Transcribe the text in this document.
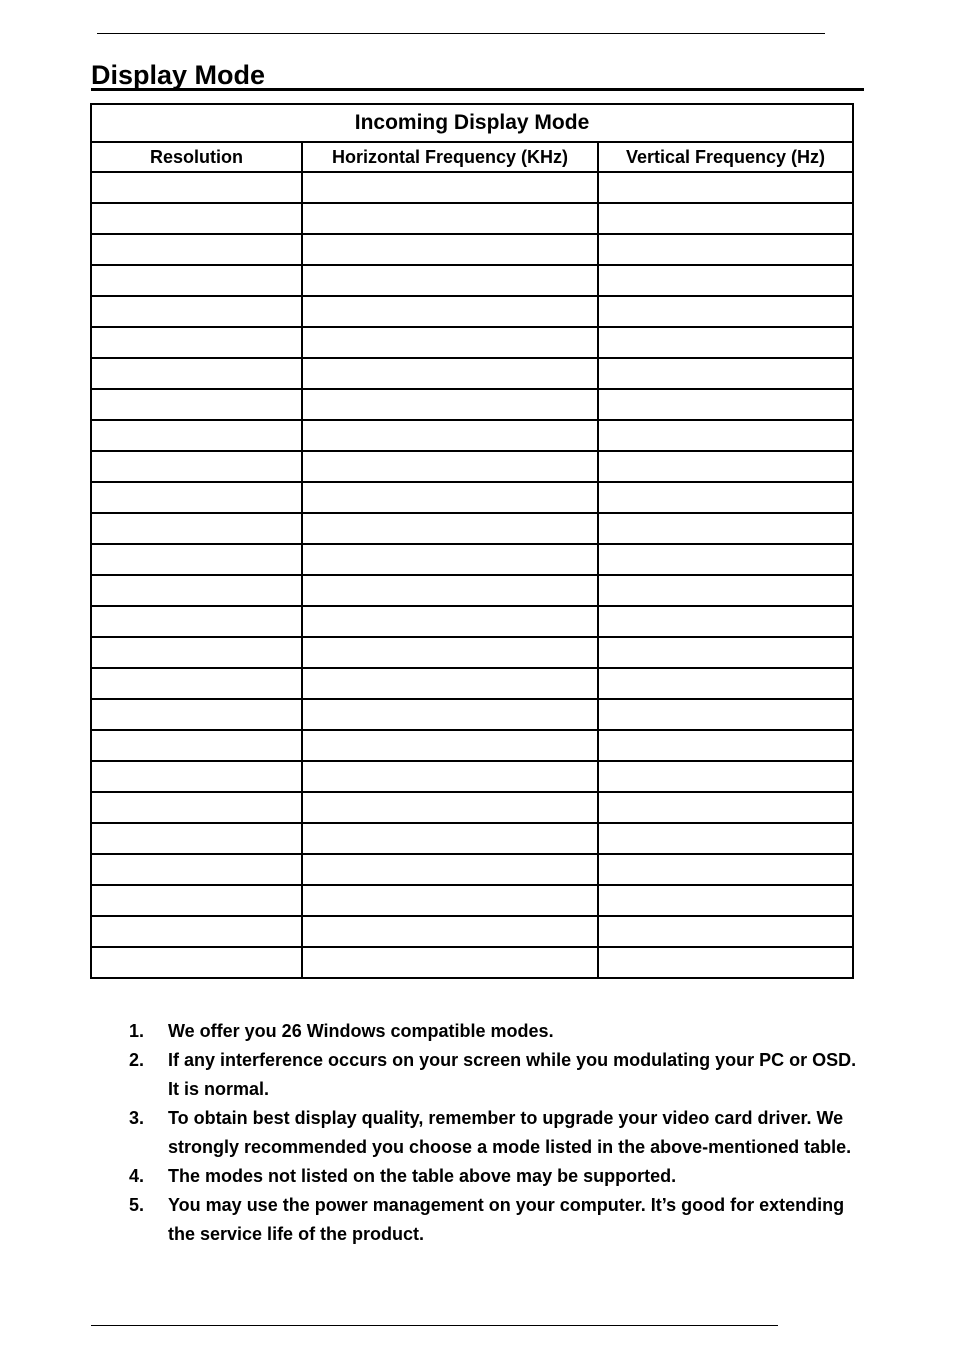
Display Mode
Incoming Display Mode		
Resolution	Horizontal Frequency (KHz)	Vertical Frequency (Hz)

1. We offer you 26 Windows compatible modes.
2. If any interference occurs on your screen while you modulating your PC or OSD. It is normal.
3. To obtain best display quality, remember to upgrade your video card driver. We strongly recommended you choose a mode listed in the above-mentioned table.
4. The modes not listed on the table above may be supported.
5. You may use the power management on your computer. It’s good for extending the service life of the product.
